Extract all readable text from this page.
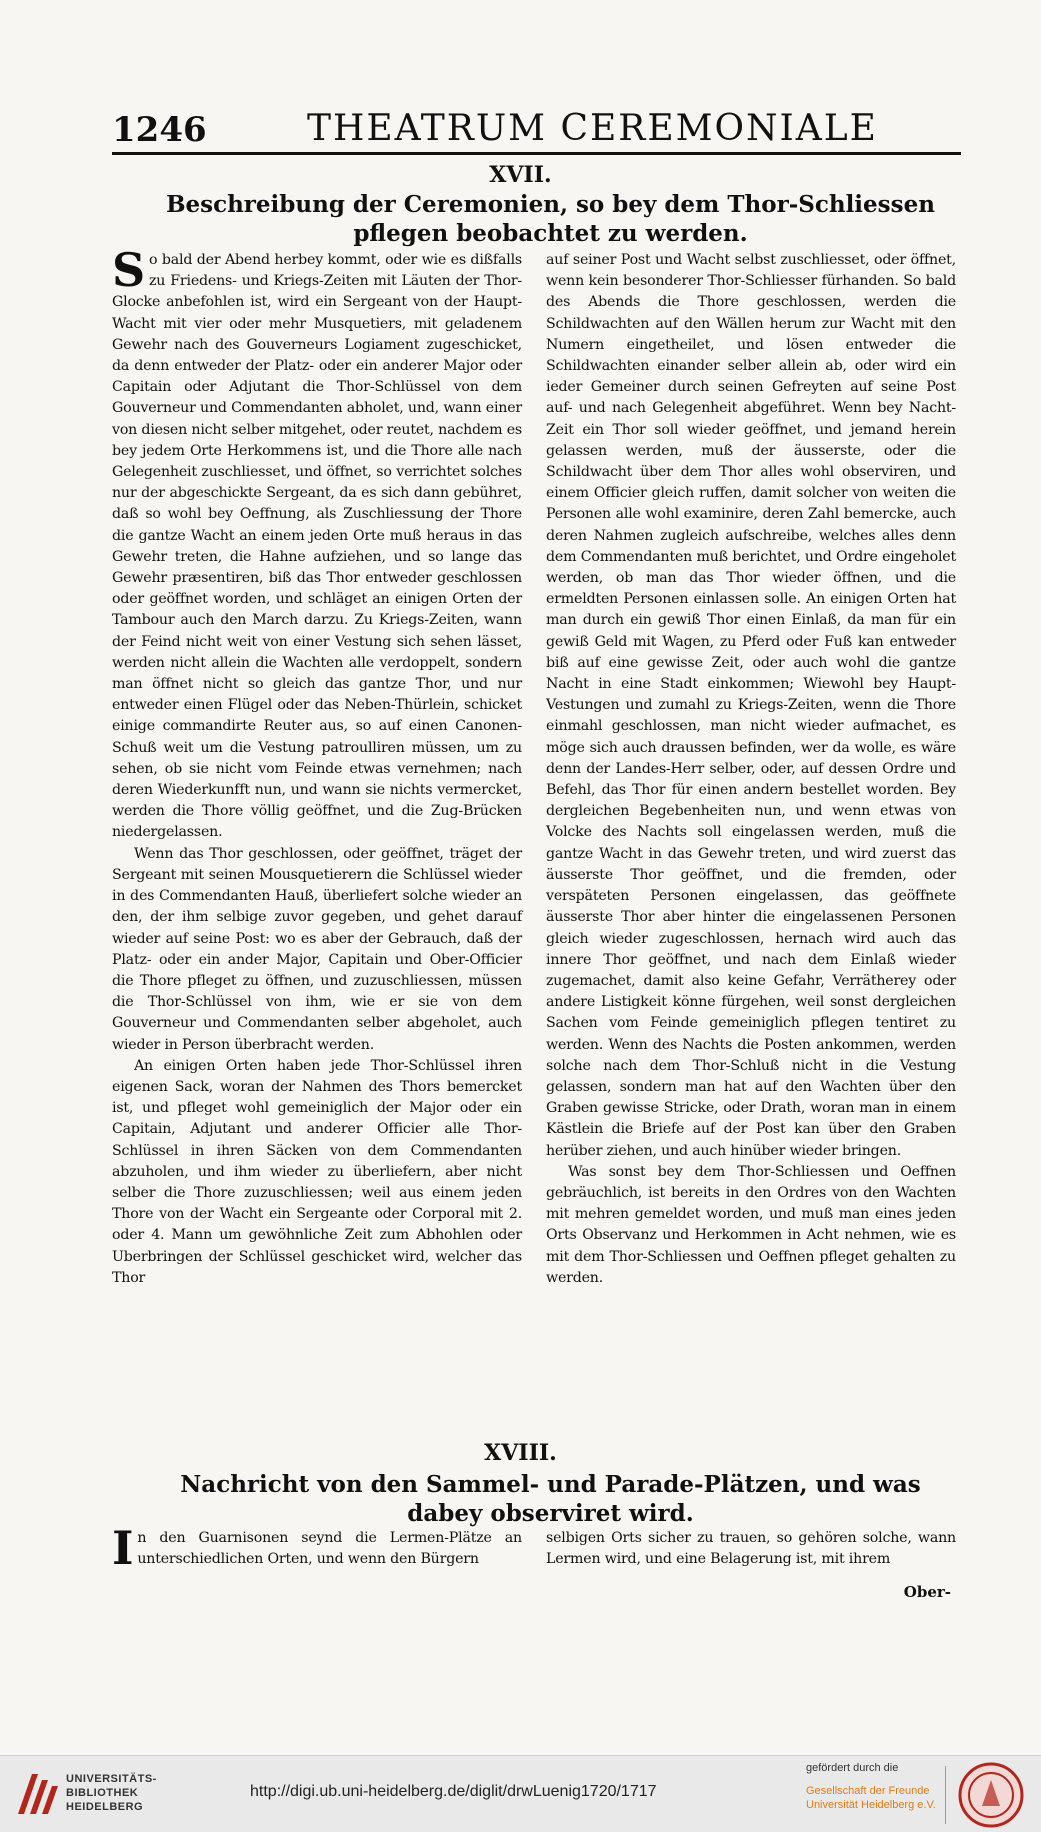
1246	THEATRUM CEREMONIALE
XVII.
Beschreibung der Ceremonien, so bey dem Thor-Schliessen pflegen beobachtet zu werden.

So bald der Abend herbey kommt, oder wie es dißfalls zu Friedens- und Kriegs-Zeiten mit Läuten der Thor-Glocke anbefohlen ist, wird ein Sergeant von der Haupt-Wacht mit vier oder mehr Musquetiers, mit geladenem Gewehr nach des Gouverneurs Logiament zugeschicket, da denn entweder der Platz- oder ein anderer Major oder Capitain oder Adjutant die Thor-Schlüssel von dem Gouverneur und Commendanten abholet, und, wann einer von diesen nicht selber mitgehet, oder reutet, nachdem es bey jedem Orte Herkommens ist, und die Thore alle nach Gelegenheit zuschliesset, und öffnet, so verrichtet solches nur der abgeschickte Sergeant, da es sich dann gebühret, daß so wohl bey Oeffnung, als Zuschliessung der Thore die gantze Wacht an einem jeden Orte muß heraus in das Gewehr treten, die Hahne aufziehen, und so lange das Gewehr præsentiren, biß das Thor entweder geschlossen oder geöffnet worden, und schläget an einigen Orten der Tambour auch den March darzu. Zu Kriegs-Zeiten, wann der Feind nicht weit von einer Vestung sich sehen lässet, werden nicht allein die Wachten alle verdoppelt, sondern man öffnet nicht so gleich das gantze Thor, und nur entweder einen Flügel oder das Neben-Thürlein, schicket einige commandirte Reuter aus, so auf einen Canonen-Schuß weit um die Vestung patroulliren müssen, um zu sehen, ob sie nicht vom Feinde etwas vernehmen; nach deren Wiederkunfft nun, und wann sie nichts vermercket, werden die Thore völlig geöffnet, und die Zug-Brücken niedergelassen.

Wenn das Thor geschlossen, oder geöffnet, träget der Sergeant mit seinen Mousquetierern die Schlüssel wieder in des Commendanten Hauß, überliefert solche wieder an den, der ihm selbige zuvor gegeben, und gehet darauf wieder auf seine Post: wo es aber der Gebrauch, daß der Platz- oder ein ander Major, Capitain und Ober-Officier die Thore pfleget zu öffnen, und zuzuschliessen, müssen die Thor-Schlüssel von ihm, wie er sie von dem Gouverneur und Commendanten selber abgeholet, auch wieder in Person überbracht werden.

An einigen Orten haben jede Thor-Schlüssel ihren eigenen Sack, woran der Nahmen des Thors bemercket ist, und pfleget wohl gemeiniglich der Major oder ein Capitain, Adjutant und anderer Officier alle Thor-Schlüssel in ihren Säcken von dem Commendanten abzuholen, und ihm wieder zu überliefern, aber nicht selber die Thore zuzuschliessen; weil aus einem jeden Thore von der Wacht ein Sergeante oder Corporal mit 2. oder 4. Mann um gewöhnliche Zeit zum Abhohlen oder Uberbringen der Schlüssel geschicket wird, welcher das Thor

auf seiner Post und Wacht selbst zuschliesset, oder öffnet, wenn kein besonderer Thor-Schliesser fürhanden. So bald des Abends die Thore geschlossen, werden die Schildwachten auf den Wällen herum zur Wacht mit den Numern eingetheilet, und lösen entweder die Schildwachten einander selber allein ab, oder wird ein ieder Gemeiner durch seinen Gefreyten auf seine Post auf- und nach Gelegenheit abgeführet. Wenn bey Nacht-Zeit ein Thor soll wieder geöffnet, und jemand herein gelassen werden, muß der äusserste, oder die Schildwacht über dem Thor alles wohl observiren, und einem Officier gleich ruffen, damit solcher von weiten die Personen alle wohl examinire, deren Zahl bemercke, auch deren Nahmen zugleich aufschreibe, welches alles denn dem Commendanten muß berichtet, und Ordre eingeholet werden, ob man das Thor wieder öffnen, und die ermeldten Personen einlassen solle. An einigen Orten hat man durch ein gewiß Thor einen Einlaß, da man für ein gewiß Geld mit Wagen, zu Pferd oder Fuß kan entweder biß auf eine gewisse Zeit, oder auch wohl die gantze Nacht in eine Stadt einkommen; Wiewohl bey Haupt-Vestungen und zumahl zu Kriegs-Zeiten, wenn die Thore einmahl geschlossen, man nicht wieder aufmachet, es möge sich auch draussen befinden, wer da wolle, es wäre denn der Landes-Herr selber, oder, auf dessen Ordre und Befehl, das Thor für einen andern bestellet worden. Bey dergleichen Begebenheiten nun, und wenn etwas von Volcke des Nachts soll eingelassen werden, muß die gantze Wacht in das Gewehr treten, und wird zuerst das äusserste Thor geöffnet, und die fremden, oder verspäteten Personen eingelassen, das geöffnete äusserste Thor aber hinter die eingelassenen Personen gleich wieder zugeschlossen, hernach wird auch das innere Thor geöffnet, und nach dem Einlaß wieder zugemachet, damit also keine Gefahr, Verrätherey oder andere Listigkeit könne fürgehen, weil sonst dergleichen Sachen vom Feinde gemeiniglich pflegen tentiret zu werden. Wenn des Nachts die Posten ankommen, werden solche nach dem Thor-Schluß nicht in die Vestung gelassen, sondern man hat auf den Wachten über den Graben gewisse Stricke, oder Drath, woran man in einem Kästlein die Briefe auf der Post kan über den Graben herüber ziehen, und auch hinüber wieder bringen.

Was sonst bey dem Thor-Schliessen und Oeffnen gebräuchlich, ist bereits in den Ordres von den Wachten mit mehren gemeldet worden, und muß man eines jeden Orts Observanz und Herkommen in Acht nehmen, wie es mit dem Thor-Schliessen und Oeffnen pfleget gehalten zu werden.

XVIII.
Nachricht von den Sammel- und Parade-Plätzen, und was dabey observiret wird.

In den Guarnisonen seynd die Lermen-Plätze an unterschiedlichen Orten, und wenn den Bürgern

selbigen Orts sicher zu trauen, so gehören solche, wann Lermen wird, und eine Belagerung ist, mit ihrem

Ober-
UNIVERSITÄTS-
BIBLIOTHEK
HEIDELBERG
http://digi.ub.uni-heidelberg.de/diglit/drwLuenig1720/1717
gefördert durch die
Gesellschaft der Freunde
Universität Heidelberg e.V.
